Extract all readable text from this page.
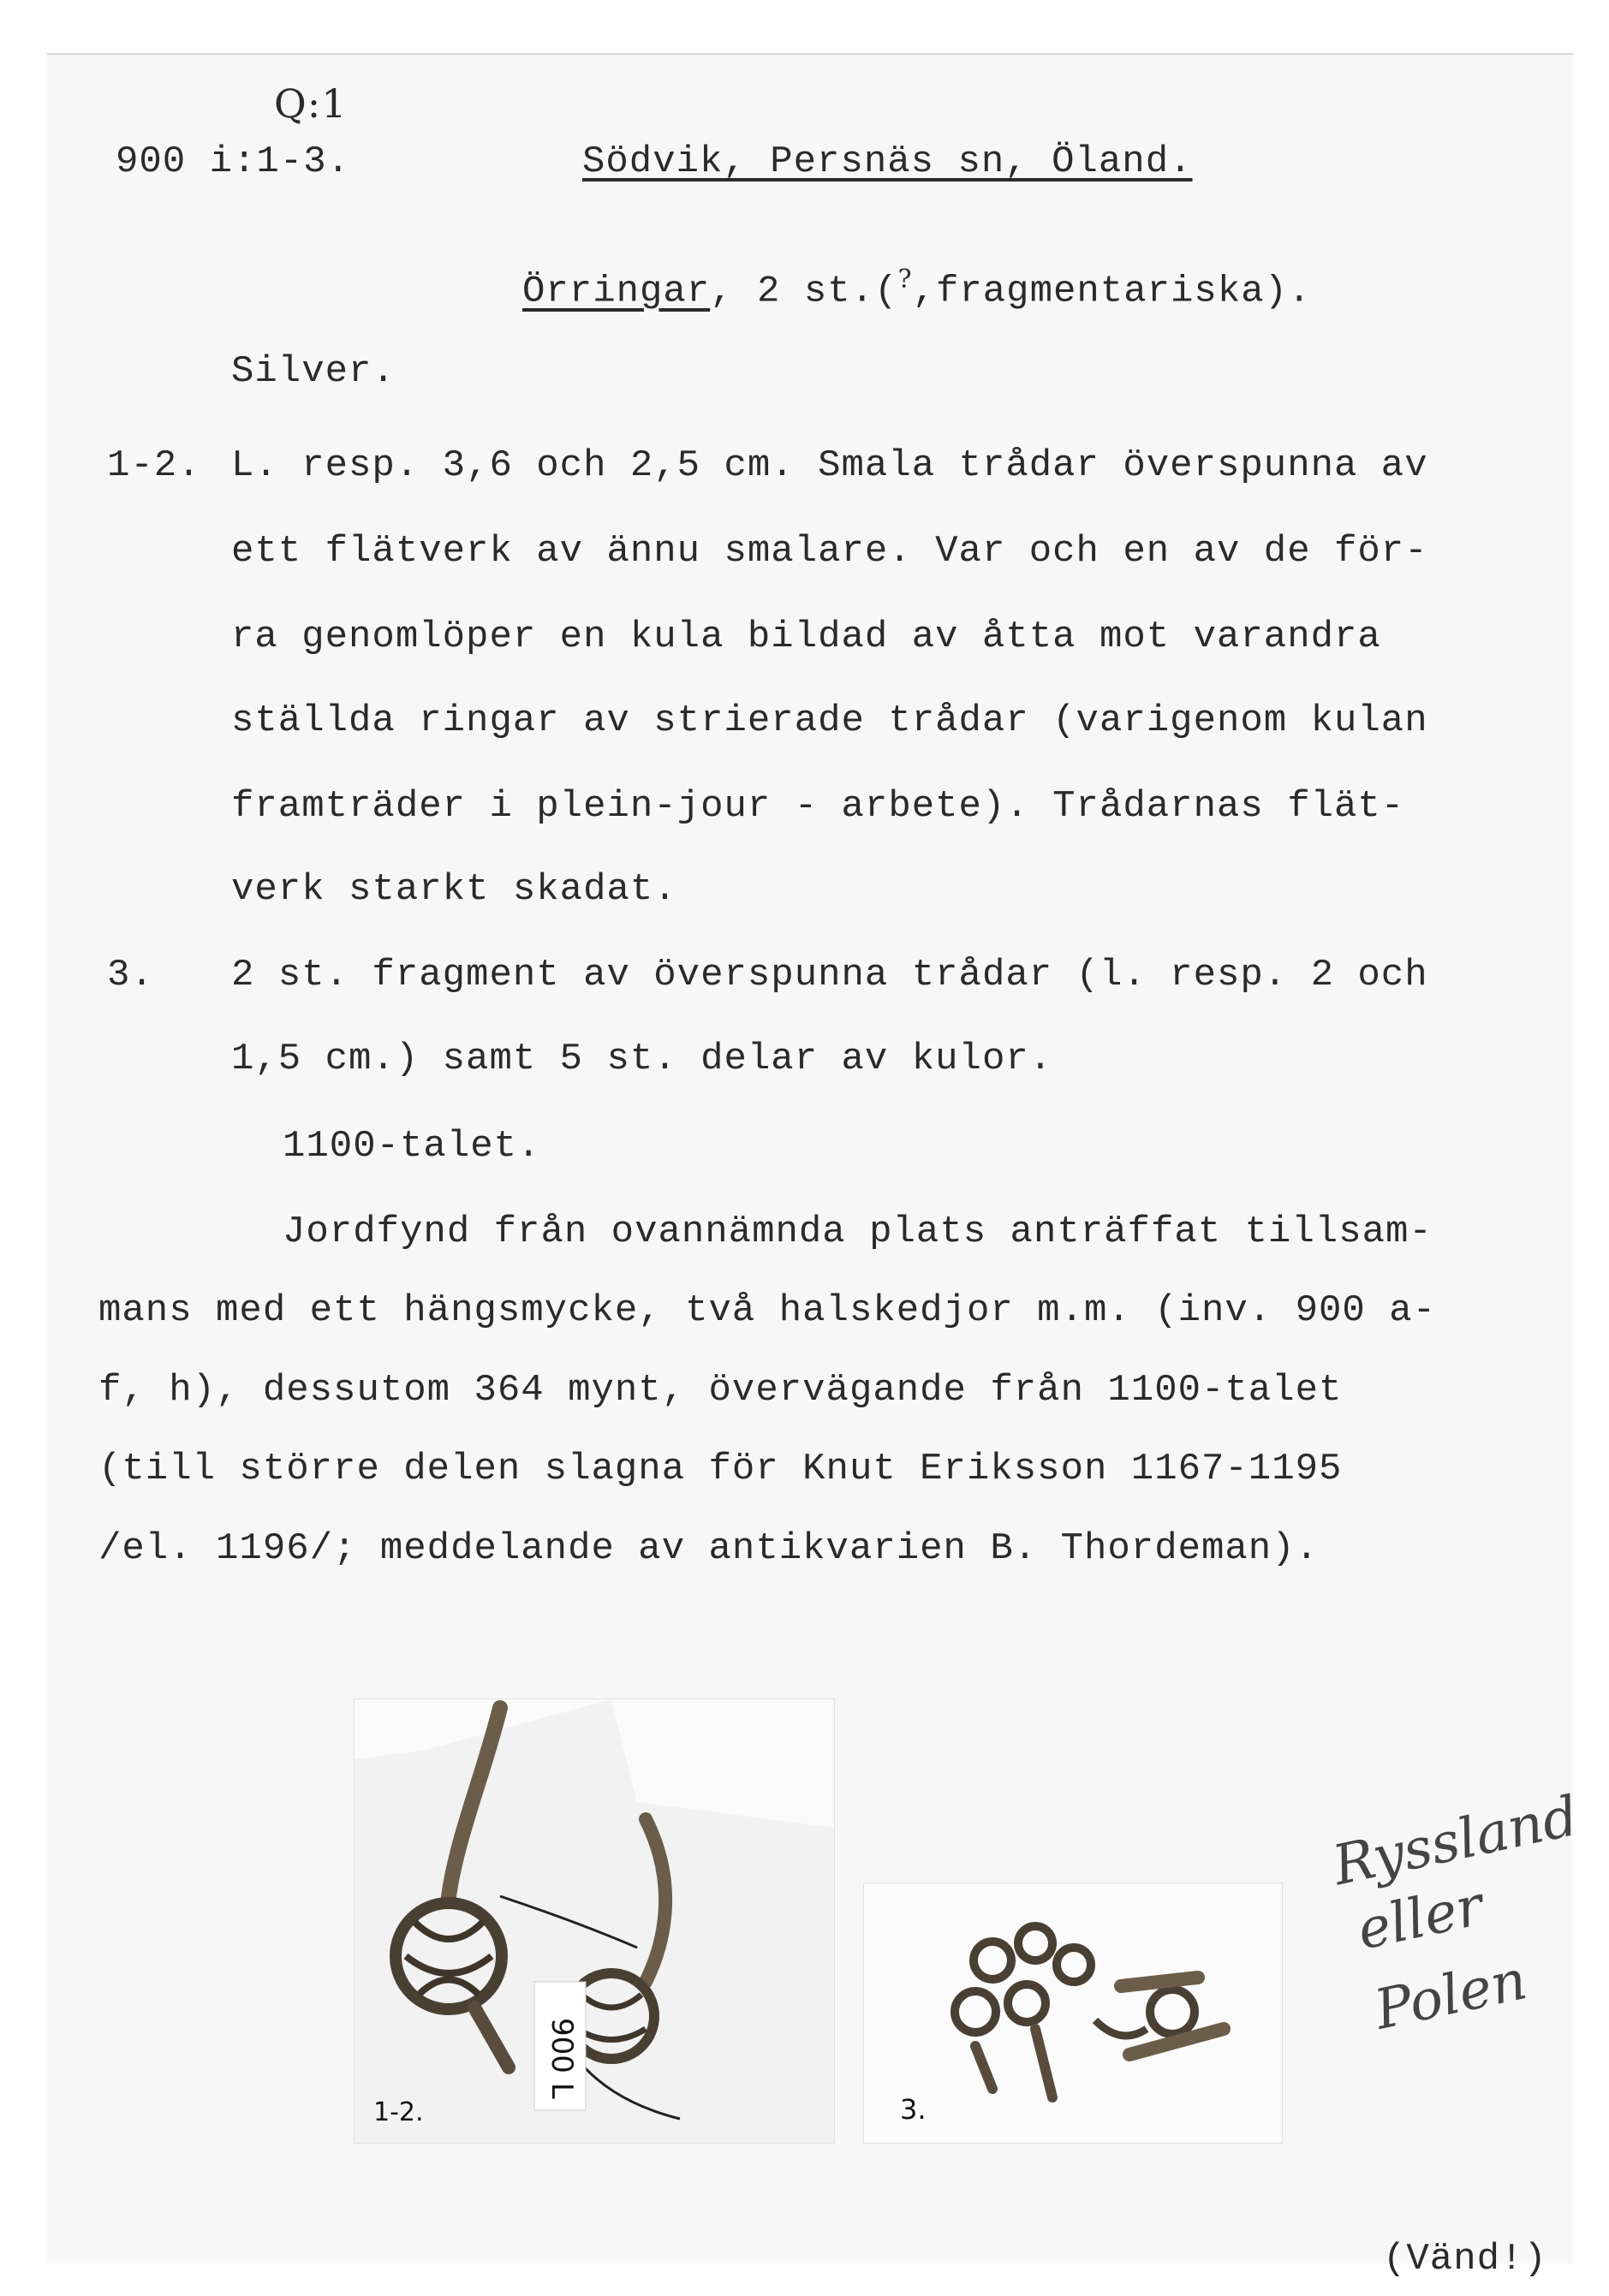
Q:1
900 i:1-3.	Södvik, Persnäs sn, Öland.
Örringar, 2 st.(?,fragmentariska).
Silver.
1-2. L. resp. 3,6 och 2,5 cm. Smala trådar överspunna av
ett flätverk av ännu smalare. Var och en av de för-
ra genomlöper en kula bildad av åtta mot varandra
ställda ringar av strierade trådar (varigenom kulan
framträder i plein-jour - arbete). Trådarnas flät-
verk starkt skadat.
3. 2 st. fragment av överspunna trådar (l. resp. 2 och
1,5 cm.) samt 5 st. delar av kulor.
1100-talet.
Jordfynd från ovannämnda plats anträffat tillsam-
mans med ett hängsmycke, två halskedjor m.m. (inv. 900 a-
f, h), dessutom 364 mynt, övervägande från 1100-talet
(till större delen slagna för Knut Eriksson 1167-1195
/el. 1196/; meddelande av antikvarien B. Thordeman).
900 L
1-2.	3.
Ryssland
eller
Polen
(Vänd!)
